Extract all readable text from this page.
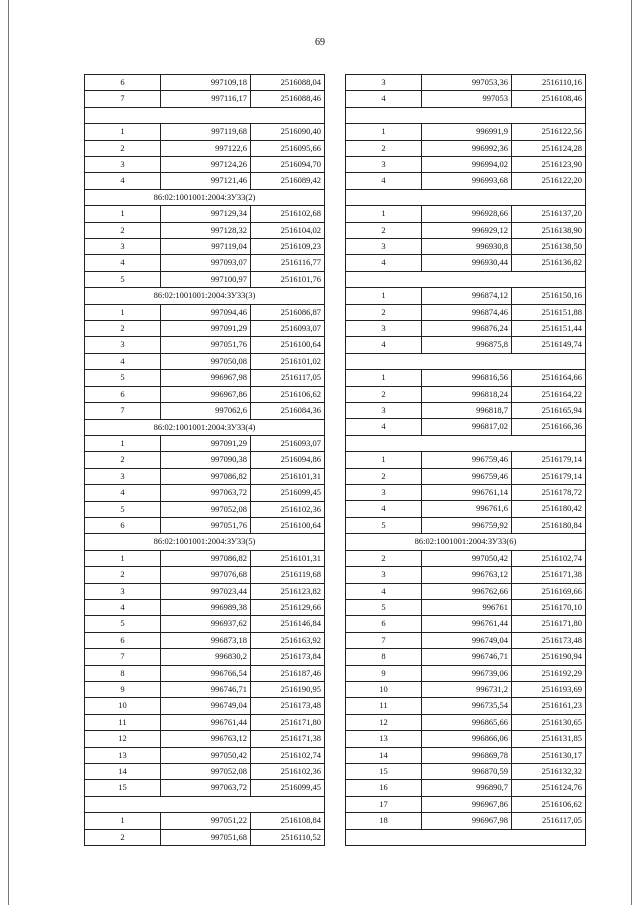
69
6	997109,18	2516088,04
7	997116,17	2516088,46

1	997119,68	2516090,40
2	997122,6	2516095,66
3	997124,26	2516094,70
4	997121,46	2516089,42
86:02:1001001:2004:ЗУ33(2)		
1	997129,34	2516102,68
2	997128,32	2516104,02
3	997119,04	2516109,23
4	997093,07	2516116,77
5	997100,97	2516101,76
86:02:1001001:2004:ЗУ33(3)		
1	997094,46	2516086,87
2	997091,29	2516093,07
3	997051,76	2516100,64
4	997050,08	2516101,02
5	996967,98	2516117,05
6	996967,86	2516106,62
7	997062,6	2516084,36
86:02:1001001:2004:ЗУ33(4)		
1	997091,29	2516093,07
2	997090,38	2516094,86
3	997086,82	2516101,31
4	997063,72	2516099,45
5	997052,08	2516102,36
6	997051,76	2516100,64
86:02:1001001:2004:ЗУ33(5)		
1	997086,82	2516101,31
2	997076,68	2516119,68
3	997023,44	2516123,82
4	996989,38	2516129,66
5	996937,62	2516146,84
6	996873,18	2516163,92
7	996830,2	2516173,84
8	996766,54	2516187,46
9	996746,71	2516190,95
10	996749,04	2516173,48
11	996761,44	2516171,80
12	996763,12	2516171,38
13	997050,42	2516102,74
14	997052,08	2516102,36
15	997063,72	2516099,45

1	997051,22	2516108,84
2	997051,68	2516110,52
3	997053,36	2516110,16
4	997053	2516108,46

1	996991,9	2516122,56
2	996992,36	2516124,28
3	996994,02	2516123,90
4	996993,68	2516122,20

1	996928,66	2516137,20
2	996929,12	2516138,90
3	996930,8	2516138,50
4	996930,44	2516136,82

1	996874,12	2516150,16
2	996874,46	2516151,88
3	996876,24	2516151,44
4	996875,8	2516149,74

1	996816,56	2516164,66
2	996818,24	2516164,22
3	996818,7	2516165,94
4	996817,02	2516166,36

1	996759,46	2516179,14
2	996759,46	2516179,14
3	996761,14	2516178,72
4	996761,6	2516180,42
5	996759,92	2516180,84
86:02:1001001:2004:ЗУ33(6)		
2	997050,42	2516102,74
3	996763,12	2516171,38
4	996762,66	2516169,66
5	996761	2516170,10
6	996761,44	2516171,80
7	996749,04	2516173,48
8	996746,71	2516190,94
9	996739,06	2516192,29
10	996731,2	2516193,69
11	996735,54	2516161,23
12	996865,66	2516130,65
13	996866,06	2516131,85
14	996869,78	2516130,17
15	996870,59	2516132,32
16	996890,7	2516124,76
17	996967,86	2516106,62
18	996967,98	2516117,05
